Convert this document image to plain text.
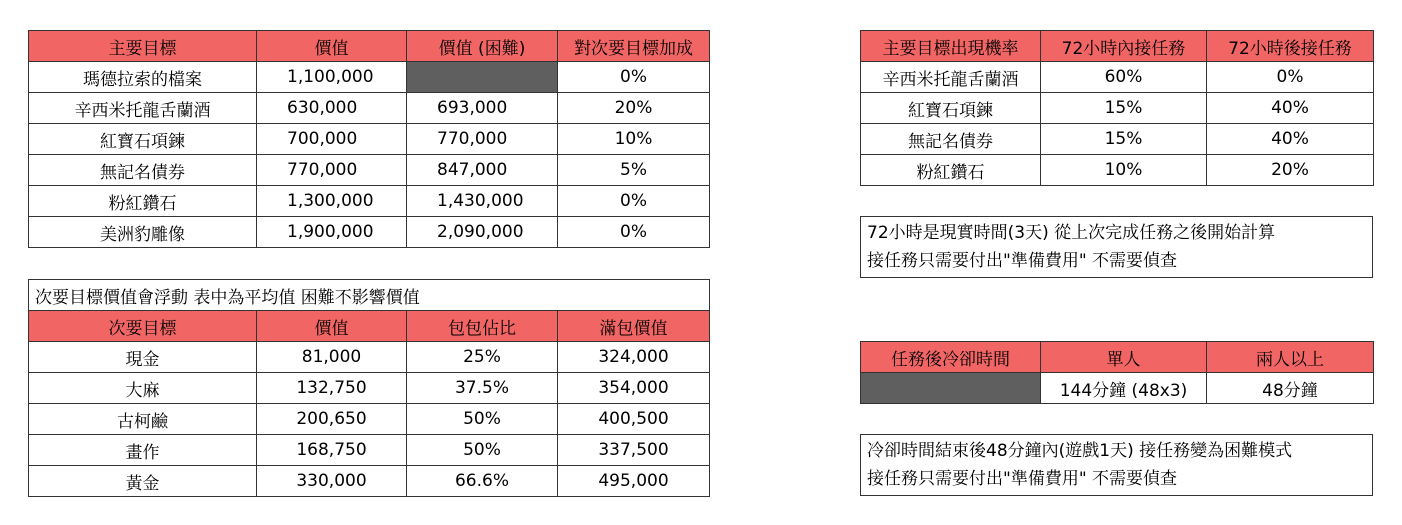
主要目標	價值	價值 (困難)	對次要目標加成
瑪德拉索的檔案	1,100,000		0%
辛西米托龍舌蘭酒	630,000	693,000	20%
紅寶石項鍊	700,000	770,000	10%
無記名債券	770,000	847,000	5%
粉紅鑽石	1,300,000	1,430,000	0%
美洲豹雕像	1,900,000	2,090,000	0%
次要目標價值會浮動 表中為平均值 困難不影響價值			
次要目標	價值	包包佔比	滿包價值
現金	81,000	25%	324,000
大麻	132,750	37.5%	354,000
古柯鹼	200,650	50%	400,500
畫作	168,750	50%	337,500
黃金	330,000	66.6%	495,000
主要目標出現機率	72小時內接任務	72小時後接任務
辛西米托龍舌蘭酒	60%	0%
紅寶石項鍊	15%	40%
無記名債券	15%	40%
粉紅鑽石	10%	20%
72小時是現實時間(3天) 從上次完成任務之後開始計算
接任務只需要付出"準備費用" 不需要偵查
任務後冷卻時間	單人	兩人以上
	144分鐘 (48x3)	48分鐘
冷卻時間結束後48分鐘內(遊戲1天) 接任務變為困難模式
接任務只需要付出"準備費用" 不需要偵查
